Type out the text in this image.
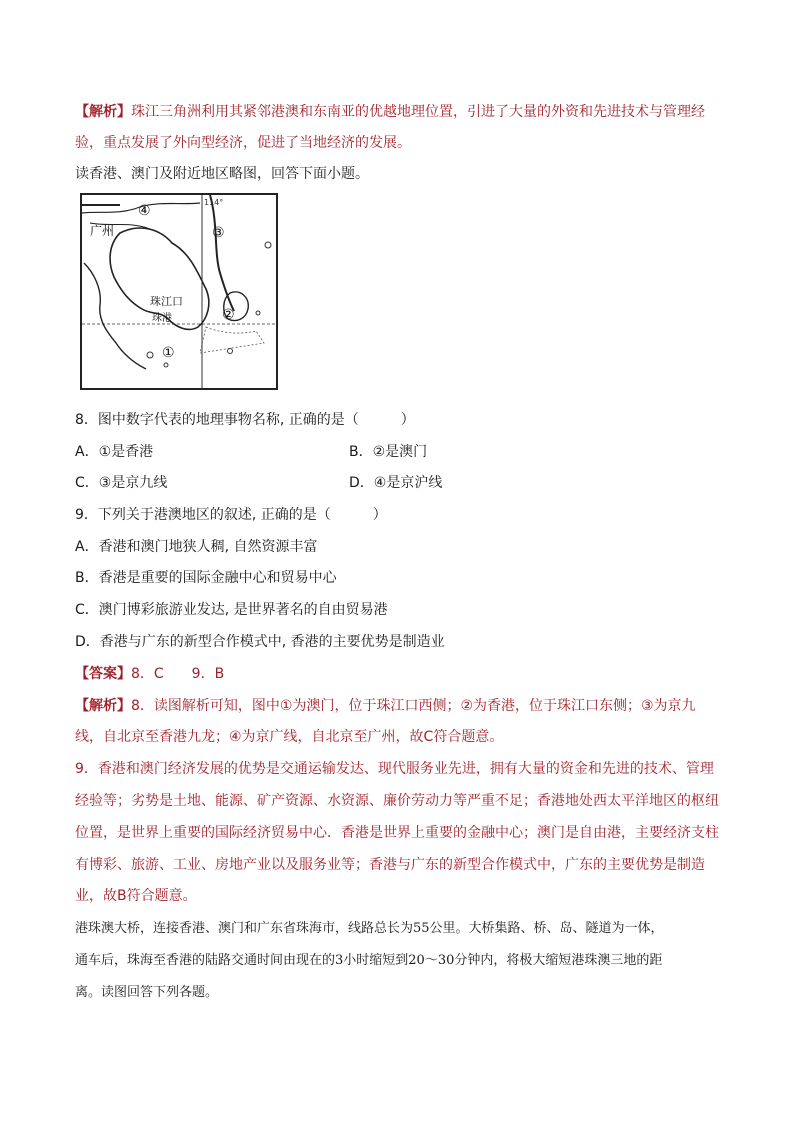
【解析】珠江三角洲利用其紧邻港澳和东南亚的优越地理位置，引进了大量的外资和先进技术与管理经
验，重点发展了外向型经济，促进了当地经济的发展。
读香港、澳门及附近地区略图，回答下面小题。
114°
广州
珠江口
珠港
④
③
②
①
8．图中数字代表的地理事物名称, 正确的是（　　　）
A．①是香港	B．②是澳门
C．③是京九线	D．④是京沪线
9．下列关于港澳地区的叙述, 正确的是（　　　）
A．香港和澳门地狭人稠, 自然资源丰富
B．香港是重要的国际金融中心和贸易中心
C．澳门博彩旅游业发达, 是世界著名的自由贸易港
D．香港与广东的新型合作模式中, 香港的主要优势是制造业
【答案】8．C　　9．B
【解析】8．读图解析可知，图中①为澳门，位于珠江口西侧；②为香港，位于珠江口东侧；③为京九
线，自北京至香港九龙；④为京广线，自北京至广州，故C符合题意。
9．香港和澳门经济发展的优势是交通运输发达、现代服务业先进，拥有大量的资金和先进的技术、管理
经验等；劣势是土地、能源、矿产资源、水资源、廉价劳动力等严重不足；香港地处西太平洋地区的枢纽
位置，是世界上重要的国际经济贸易中心．香港是世界上重要的金融中心；澳门是自由港，主要经济支柱
有博彩、旅游、工业、房地产业以及服务业等；香港与广东的新型合作模式中，广东的主要优势是制造
业，故B符合题意。
港珠澳大桥，连接香港、澳门和广东省珠海市，线路总长为55公里。大桥集路、桥、岛、隧道为一体，
通车后，珠海至香港的陆路交通时间由现在的3小时缩短到20～30分钟内，将极大缩短港珠澳三地的距
离。读图回答下列各题。
